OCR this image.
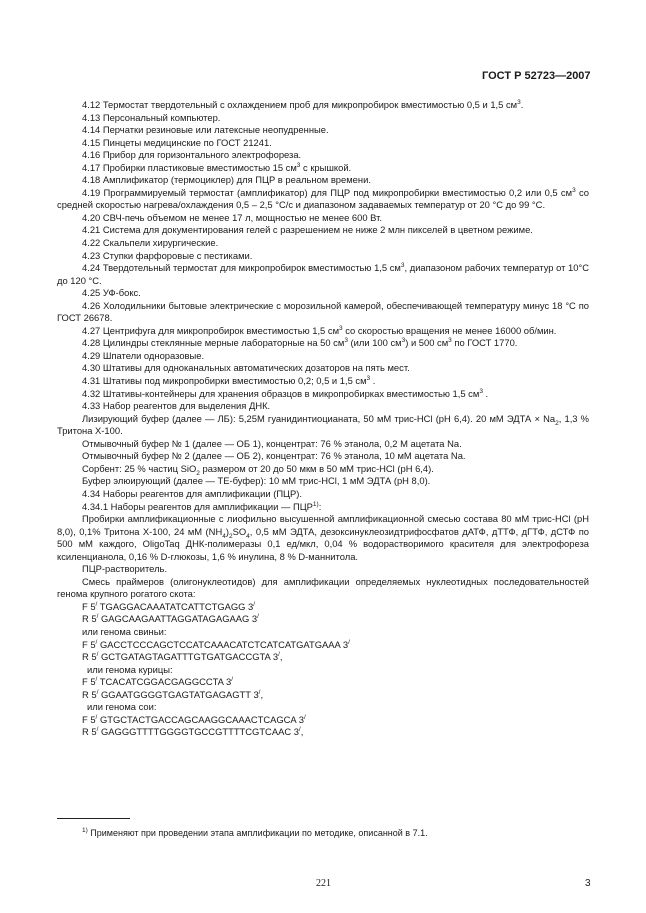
ГОСТ Р 52723—2007

4.12 Термостат твердотельный с охлаждением проб для микропробирок вместимостью 0,5 и 1,5 $см^3$.

4.13 Персональный компьютер.

4.14 Перчатки резиновые или латексные неопудренные.

4.15 Пинцеты медицинские по ГОСТ 21241.

4.16 Прибор для горизонтального электрофореза.

4.17 Пробирки пластиковые вместимостью 15 $см^3$ с крышкой.

4.18 Амплификатор (термоциклер) для ПЦР в реальном времени.

4.19 Программируемый термостат (амплификатор) для ПЦР под микропробирки вместимостью 0,2 или 0,5 $см^3$ со средней скоростью нагрева/охлаждения 0,5 – 2,5 °С/с и диапазоном задаваемых температур от 20 °С до 99 °С.

4.20 СВЧ-печь объемом не менее 17 л, мощностью не менее 600 Вт.

4.21 Система для документирования гелей с разрешением не ниже 2 млн пикселей в цветном режиме.

4.22 Скальпели хирургические.

4.23 Ступки фарфоровые с пестиками.

4.24 Твердотельный термостат для микропробирок вместимостью 1,5 $см^3$, диапазоном рабочих температур от 10°С до 120 °С.

4.25 УФ-бокс.

4.26 Холодильники бытовые электрические с морозильной камерой, обеспечивающей температуру минус 18 °С по ГОСТ 26678.

4.27 Центрифуга для микропробирок вместимостью 1,5 $см^3$ со скоростью вращения не менее 16000 об/мин.

4.28 Цилиндры стеклянные мерные лабораторные на 50 $см^3$ (или 100 $см^3$) и 500 $см^3$ по ГОСТ 1770.

4.29 Шпатели одноразовые.

4.30 Штативы для одноканальных автоматических дозаторов на пять мест.

4.31 Штативы под микропробирки вместимостью 0,2; 0,5 и 1,5 $см^3$ .

4.32 Штативы-контейнеры для хранения образцов в микропробирках вместимостью 1,5 $см^3$ .

4.33 Набор реагентов для выделения ДНК.

Лизирующий буфер (далее — ЛБ): 5,25М гуанидинтиоцианата, 50 мМ трис-HCl (pH 6,4). 20 мМ ЭДТА × $Na_2$, 1,3 % Тритона Х-100.

Отмывочный буфер № 1 (далее — ОБ 1), концентрат: 76 % этанола, 0,2 М ацетата Na.

Отмывочный буфер № 2 (далее — ОБ 2), концентрат: 76 % этанола, 10 мМ ацетата Na.

Сорбент: 25 % частиц SiO$_2$ размером от 20 до 50 мкм в 50 мМ трис-HCl (pH 6,4).

Буфер элюирующий (далее — ТЕ-буфер): 10 мМ трис-HCl, 1 мМ ЭДТА (pH 8,0).

4.34 Наборы реагентов для амплификации (ПЦР).

4.34.1 Наборы реагентов для амплификации — ПЦР$^{1)}$:

Пробирки амплификационные с лиофильно высушенной амплификационной смесью состава 80 мМ трис-HCl (pH 8,0), 0,1% Тритона Х-100, 24 мМ $(NH_4)_2SO_4$, 0,5 мМ ЭДТА, дезоксинуклеозидтрифосфатов дАТФ, дТТФ, дГТФ, дСТФ по 500 мМ каждого, OligoTaq ДНК-полимеразы 0,1 ед/мкл, 0,04 % водорастворимого красителя для электрофореза ксиленцианола, 0,16 % D-глюкозы, 1,6 % инулина, 8 % D-маннитола.

ПЦР-растворитель.

Смесь праймеров (олигонуклеотидов) для амплификации определяемых нуклеотидных последовательностей генома крупного рогатого скота:

F 5/ TGAGGACAAATATCATTCTGAGG 3/

R 5/ GAGCAAGAATTAGGATAGAGAAG 3/

или генома свиньи:

F 5/ GACCTCCCAGCTCCATCAAACATCTCATCATGATGAAA 3/

R 5/ GCTGATAGTAGATTTGTGATGACCGTA 3/,

или генома курицы:

F 5/ TCACATCGGACGAGGCCTA 3/

R 5/ GGAATGGGGTGAGTATGAGAGTT 3/,

или генома сои:

F 5/ GTGCTACTGACCAGCAAGGCAAACTCAGCA 3/

R 5/ GAGGGTTTTGGGGTGCCGTTTTCGTCAAC 3/,

$^{1)}$ Применяют при проведении этапа амплификации по методике, описанной в 7.1.
221	3
